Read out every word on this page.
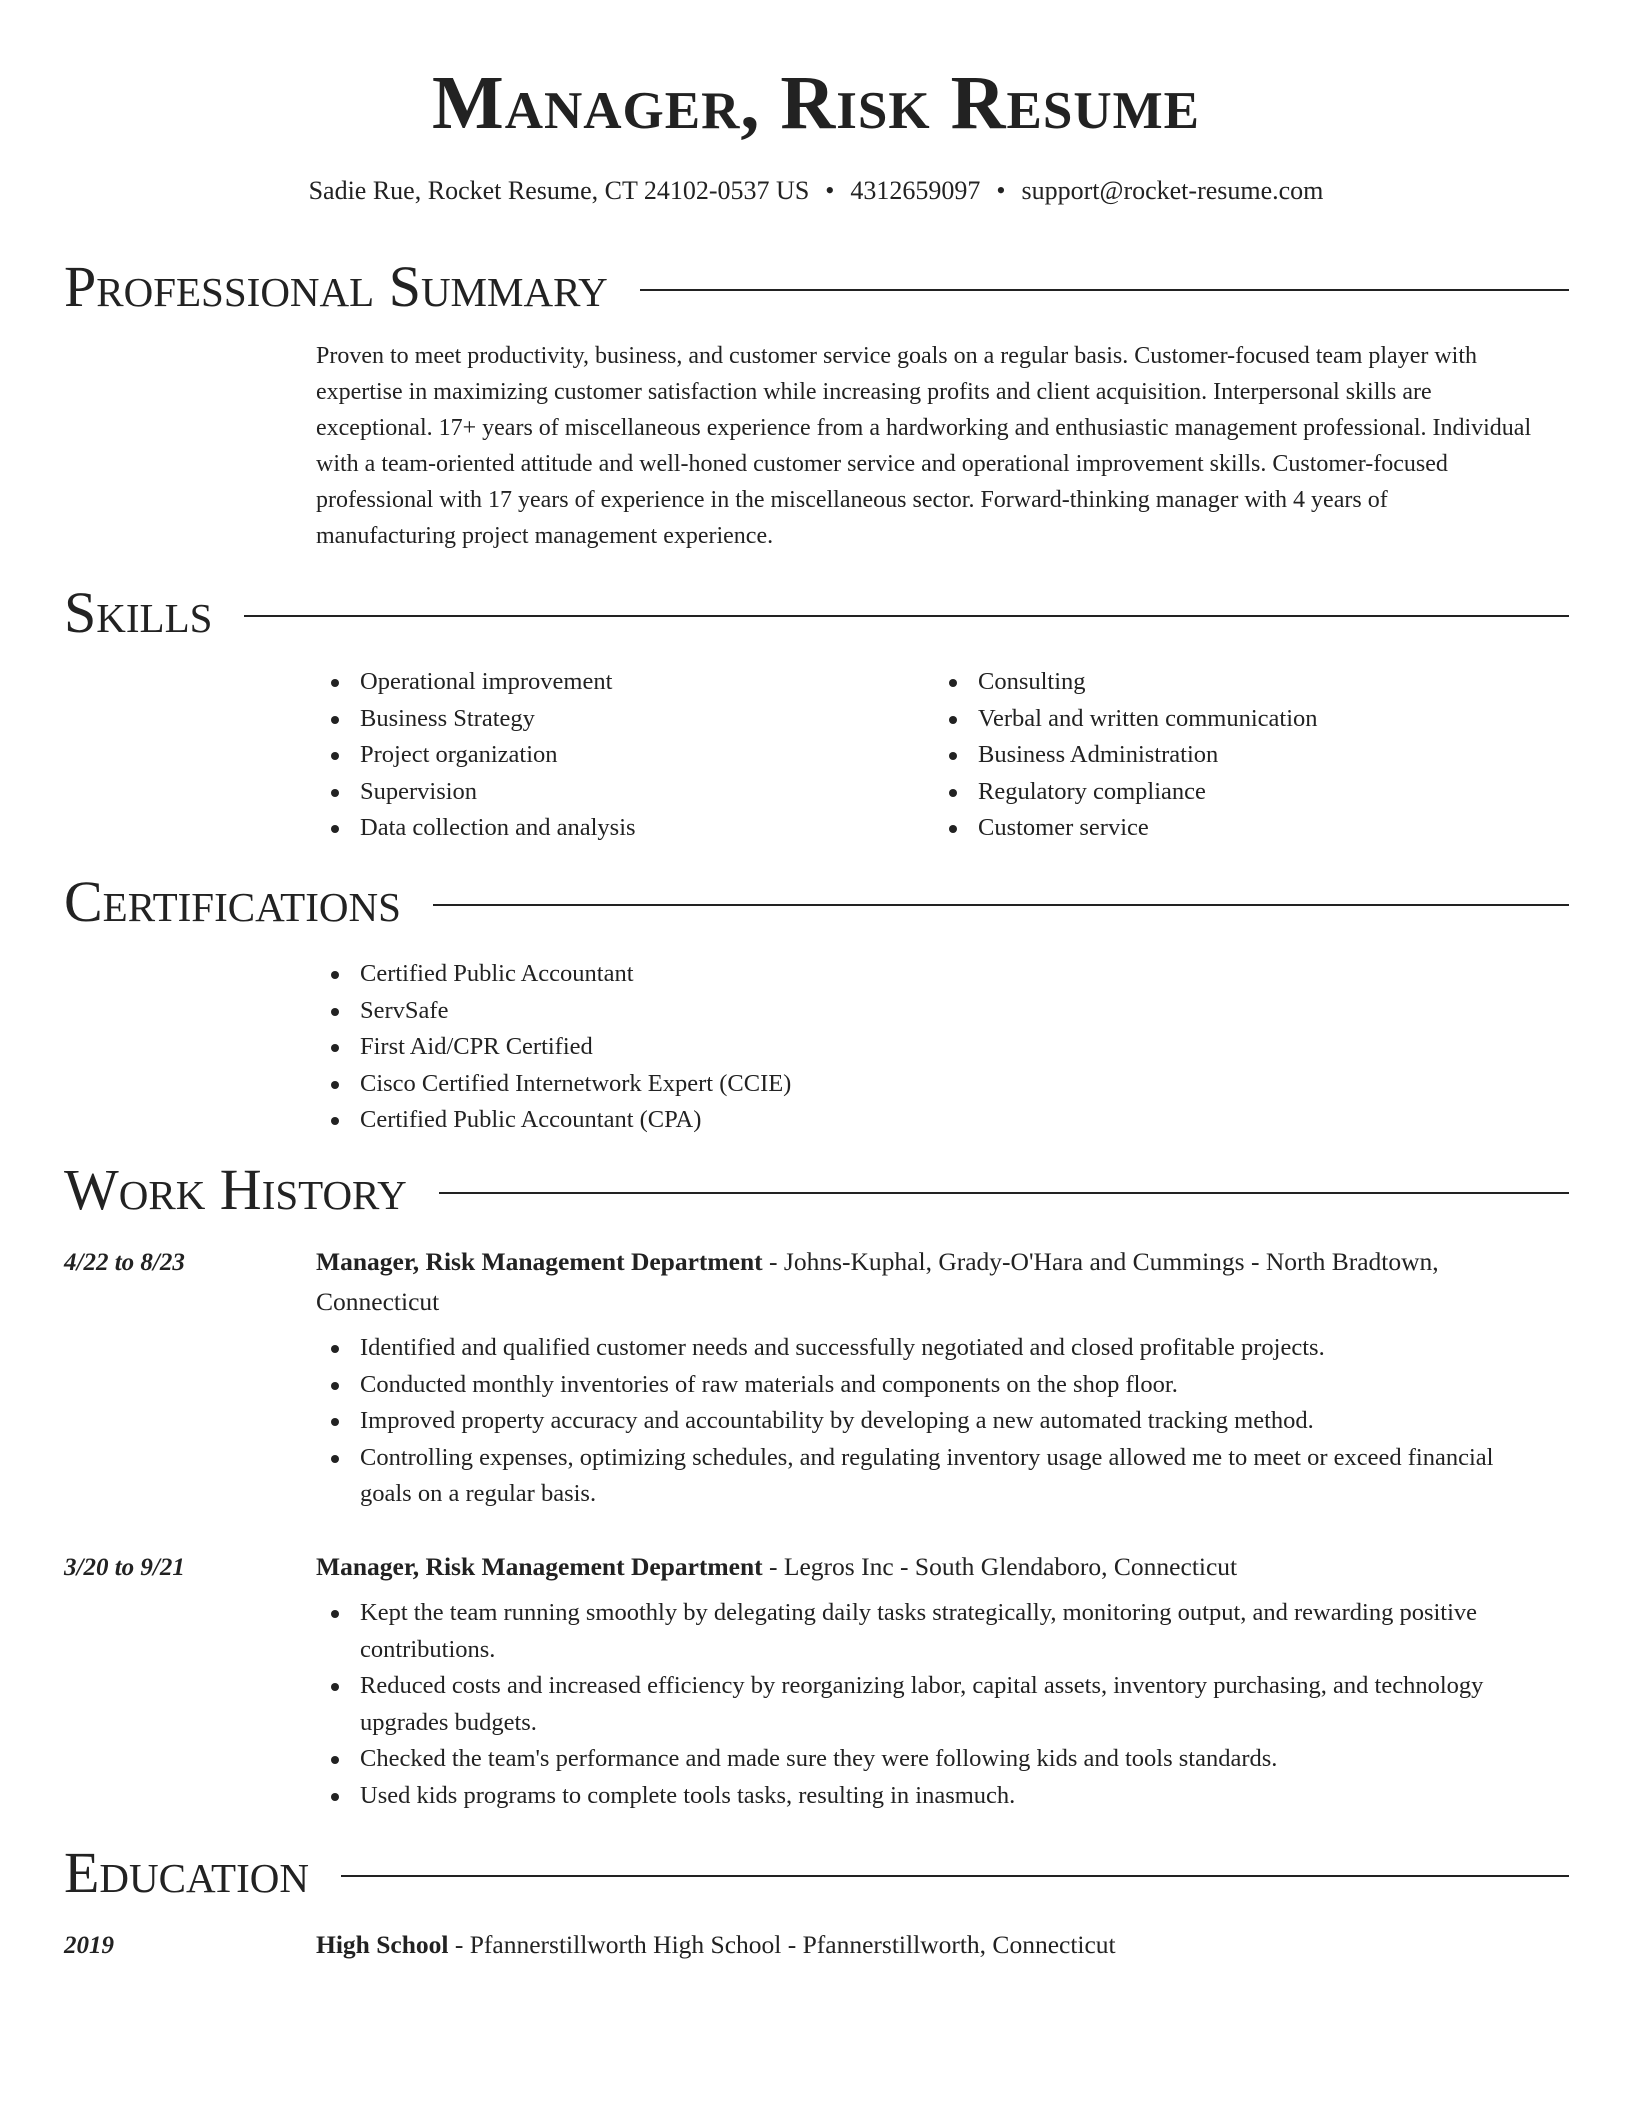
Manager, Risk Resume
Sadie Rue, Rocket Resume, CT 24102-0537 US • 4312659097 • support@rocket-resume.com
Professional Summary

Proven to meet productivity, business, and customer service goals on a regular basis. Customer-focused team player with expertise in maximizing customer satisfaction while increasing profits and client acquisition. Interpersonal skills are exceptional. 17+ years of miscellaneous experience from a hardworking and enthusiastic management professional. Individual with a team-oriented attitude and well-honed customer service and operational improvement skills. Customer-focused professional with 17 years of experience in the miscellaneous sector. Forward-thinking manager with 4 years of manufacturing project management experience.

Skills
Operational improvement
Business Strategy
Project organization
Supervision
Data collection and analysis
Consulting
Verbal and written communication
Business Administration
Regulatory compliance
Customer service
Certifications
Certified Public Accountant
ServSafe
First Aid/CPR Certified
Cisco Certified Internetwork Expert (CCIE)
Certified Public Accountant (CPA)
Work History
4/22 to 8/23	Manager, Risk Management Department - Johns-Kuphal, Grady-O'Hara and Cummings - North Bradtown, Connecticut
Identified and qualified customer needs and successfully negotiated and closed profitable projects.
Conducted monthly inventories of raw materials and components on the shop floor.
Improved property accuracy and accountability by developing a new automated tracking method.
Controlling expenses, optimizing schedules, and regulating inventory usage allowed me to meet or exceed financial goals on a regular basis.
3/20 to 9/21	Manager, Risk Management Department - Legros Inc - South Glendaboro, Connecticut
Kept the team running smoothly by delegating daily tasks strategically, monitoring output, and rewarding positive contributions.
Reduced costs and increased efficiency by reorganizing labor, capital assets, inventory purchasing, and technology upgrades budgets.
Checked the team's performance and made sure they were following kids and tools standards.
Used kids programs to complete tools tasks, resulting in inasmuch.
Education
2019	High School - Pfannerstillworth High School - Pfannerstillworth, Connecticut
